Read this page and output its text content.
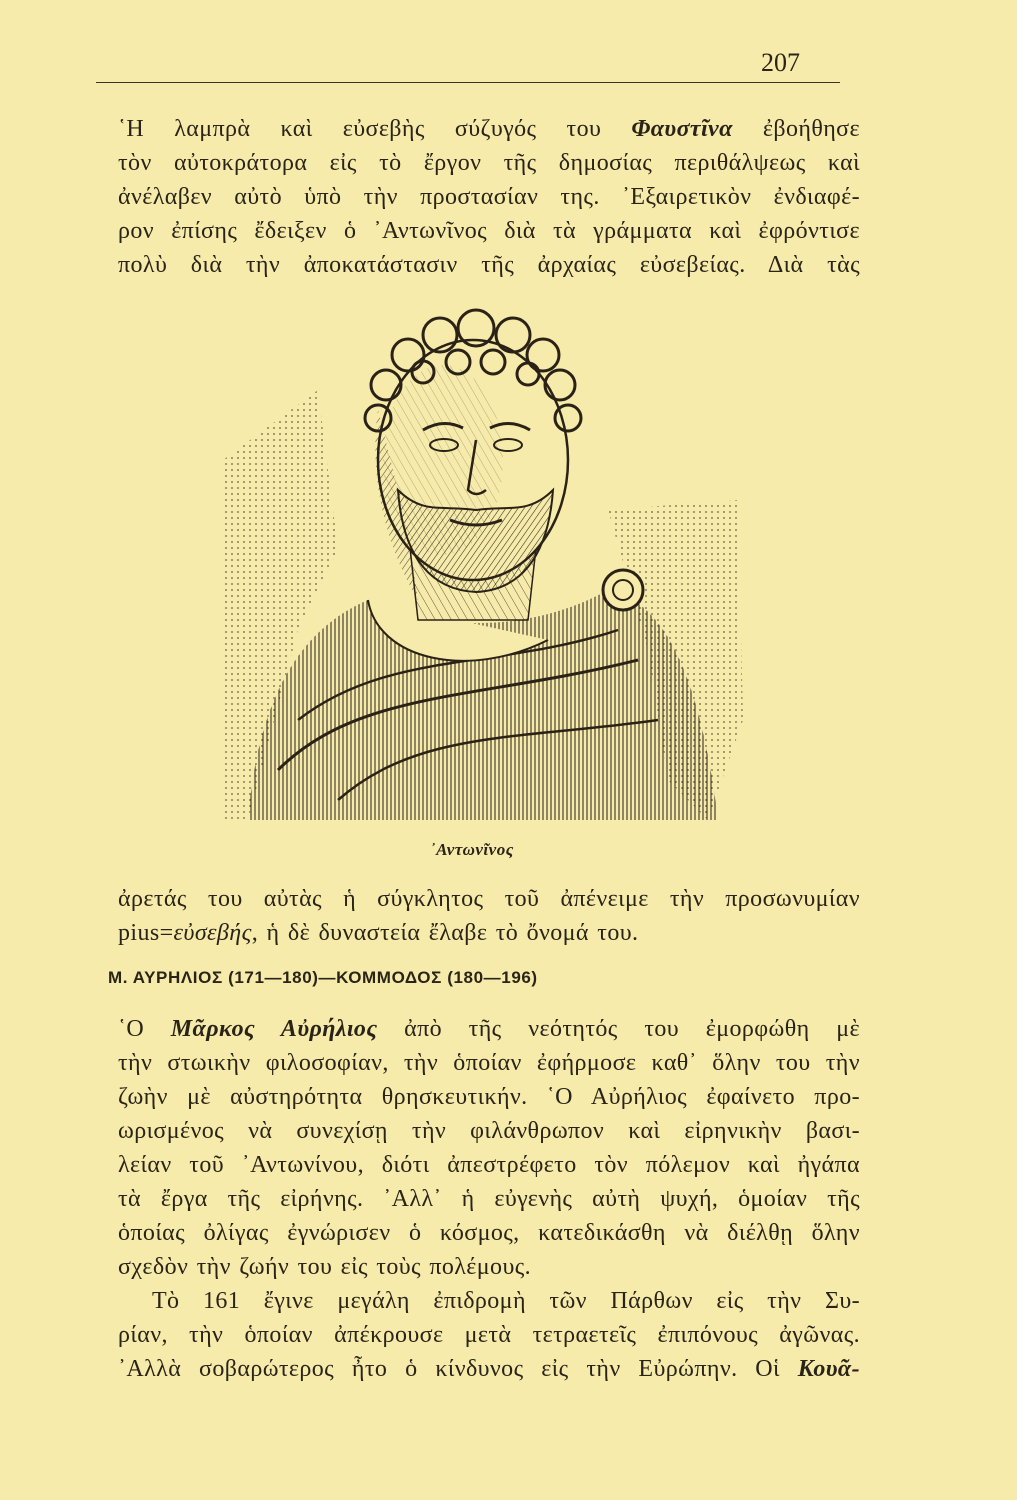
207
῾Η λαμπρὰ καὶ εὐσεβὴς σύζυγός του Φαυστῖνα ἐβοήθησε
τὸν αὐτοκράτορα εἰς τὸ ἔργον τῆς δημοσίας περιθάλψεως καὶ
ἀνέλαβεν αὐτὸ ὑπὸ τὴν προστασίαν της. ᾿Εξαιρετικὸν ἐνδιαφέ-
ρον ἐπίσης ἔδειξεν ὁ ᾿Αντωνῖνος διὰ τὰ γράμματα καὶ ἐφρόντισε
πολὺ διὰ τὴν ἀποκατάστασιν τῆς ἀρχαίας εὐσεβείας. Διὰ τὰς
᾿Αντωνῖνος
ἀρετάς του αὐτὰς ἡ σύγκλητος τοῦ ἀπένειμε τὴν προσωνυμίαν
pius=εὐσεβής, ἡ δὲ δυναστεία ἔλαβε τὸ ὄνομά του.
Μ. ΑΥΡΗΛΙΟΣ (171—180)—ΚΟΜΜΟΔΟΣ (180—196)
῾Ο Μᾶρκος Αὐρήλιος ἀπὸ τῆς νεότητός του ἐμορφώθη μὲ
τὴν στωικὴν φιλοσοφίαν, τὴν ὁποίαν ἐφήρμοσε καθ᾿ ὅλην του τὴν
ζωὴν μὲ αὐστηρότητα θρησκευτικήν. ῾Ο Αὐρήλιος ἐφαίνετο προ-
ωρισμένος νὰ συνεχίσῃ τὴν φιλάνθρωπον καὶ εἰρηνικὴν βασι-
λείαν τοῦ ᾿Αντωνίνου, διότι ἀπεστρέφετο τὸν πόλεμον καὶ ἠγάπα
τὰ ἔργα τῆς εἰρήνης. ᾿Αλλ᾿ ἡ εὐγενὴς αὐτὴ ψυχή, ὁμοίαν τῆς
ὁποίας ὀλίγας ἐγνώρισεν ὁ κόσμος, κατεδικάσθη νὰ διέλθῃ ὅλην
σχεδὸν τὴν ζωήν του εἰς τοὺς πολέμους.
Τὸ 161 ἔγινε μεγάλη ἐπιδρομὴ τῶν Πάρθων εἰς τὴν Συ-
ρίαν, τὴν ὁποίαν ἀπέκρουσε μετὰ τετραετεῖς ἐπιπόνους ἀγῶνας.
᾿Αλλὰ σοβαρώτερος ἦτο ὁ κίνδυνος εἰς τὴν Εὐρώπην. Οἱ Κουᾶ-
